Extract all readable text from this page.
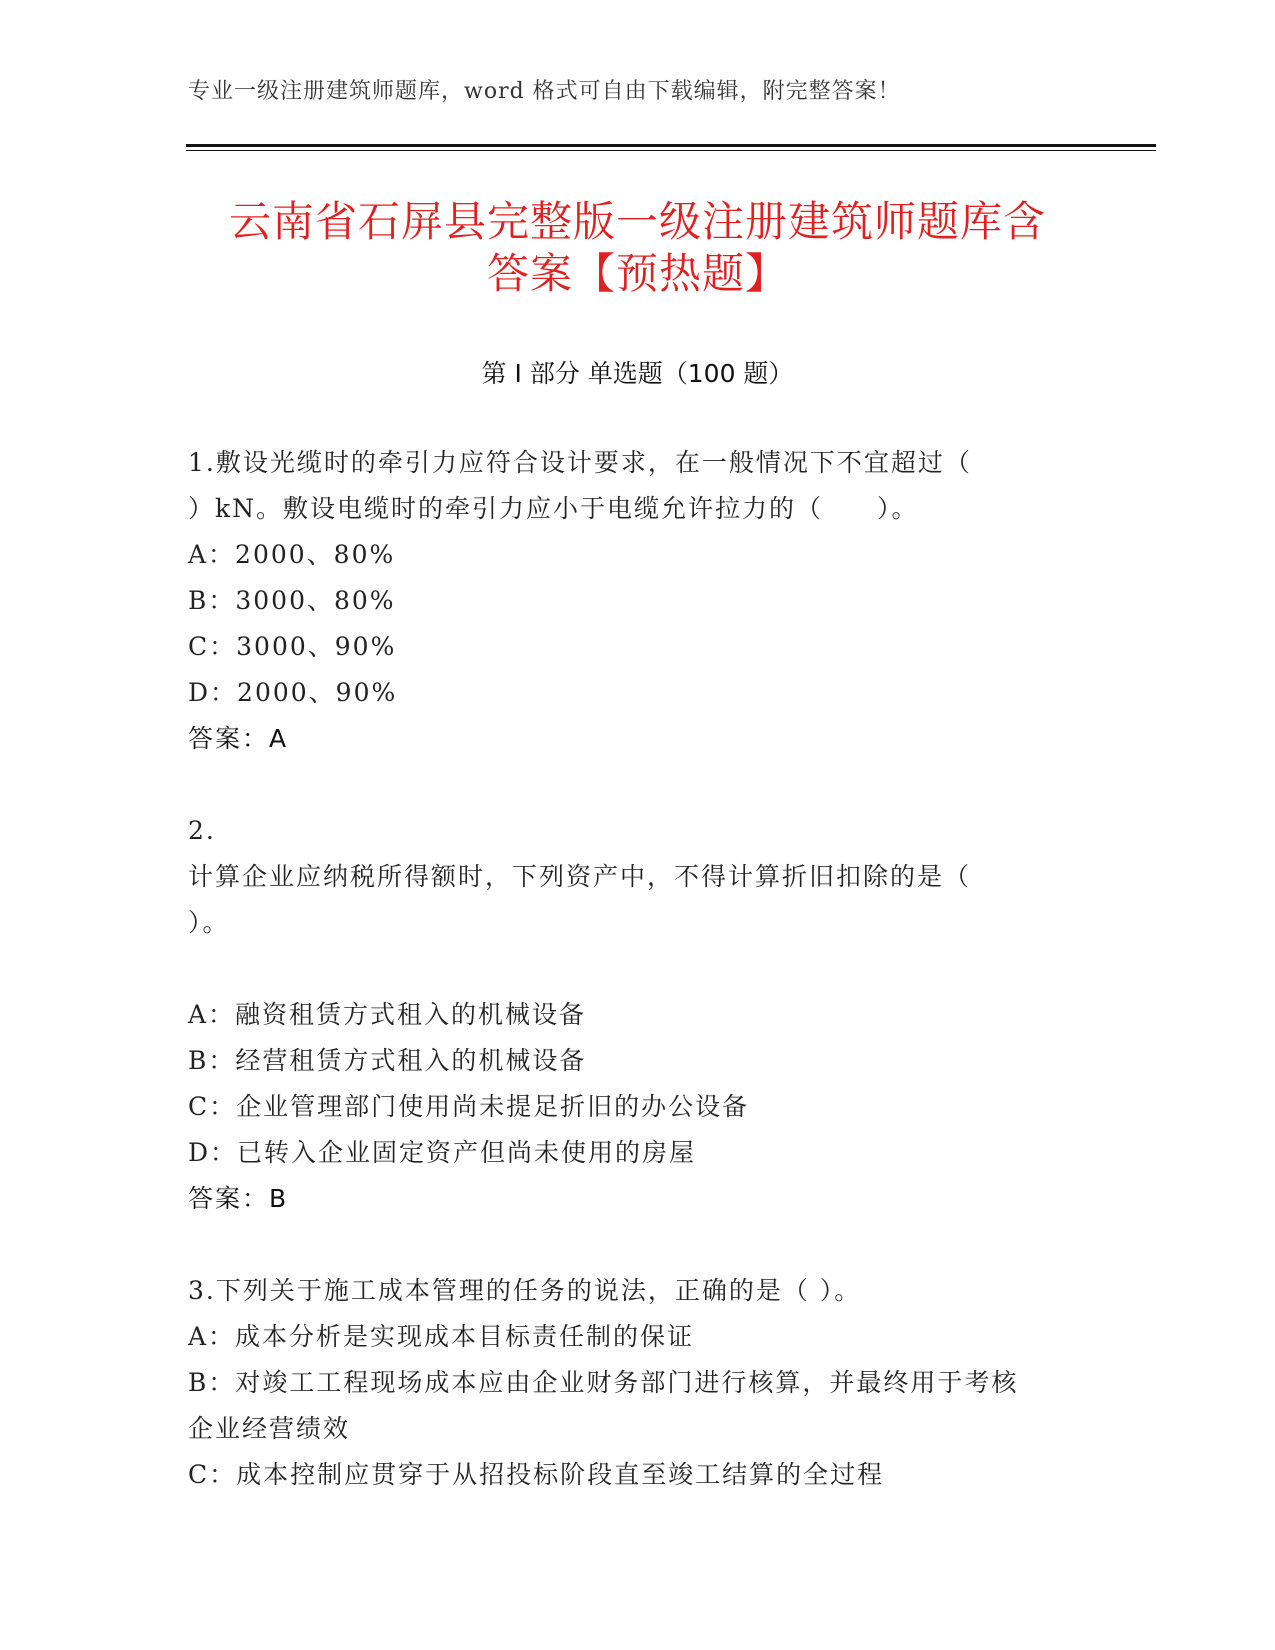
专业一级注册建筑师题库，word 格式可自由下载编辑，附完整答案！
云南省石屏县完整版一级注册建筑师题库含
答案【预热题】
第 I 部分 单选题（100 题）

1.敷设光缆时的牵引力应符合设计要求，在一般情况下不宜超过（

）kN。敷设电缆时的牵引力应小于电缆允许拉力的（　　）。

A：2000、80%

B：3000、80%

C：3000、90%

D：2000、90%

答案：A

2.

计算企业应纳税所得额时，下列资产中，不得计算折旧扣除的是（

）。

A：融资租赁方式租入的机械设备

B：经营租赁方式租入的机械设备

C：企业管理部门使用尚未提足折旧的办公设备

D：已转入企业固定资产但尚未使用的房屋

答案：B

3.下列关于施工成本管理的任务的说法，正确的是（ ）。

A：成本分析是实现成本目标责任制的保证

B：对竣工工程现场成本应由企业财务部门进行核算，并最终用于考核

企业经营绩效

C：成本控制应贯穿于从招投标阶段直至竣工结算的全过程
